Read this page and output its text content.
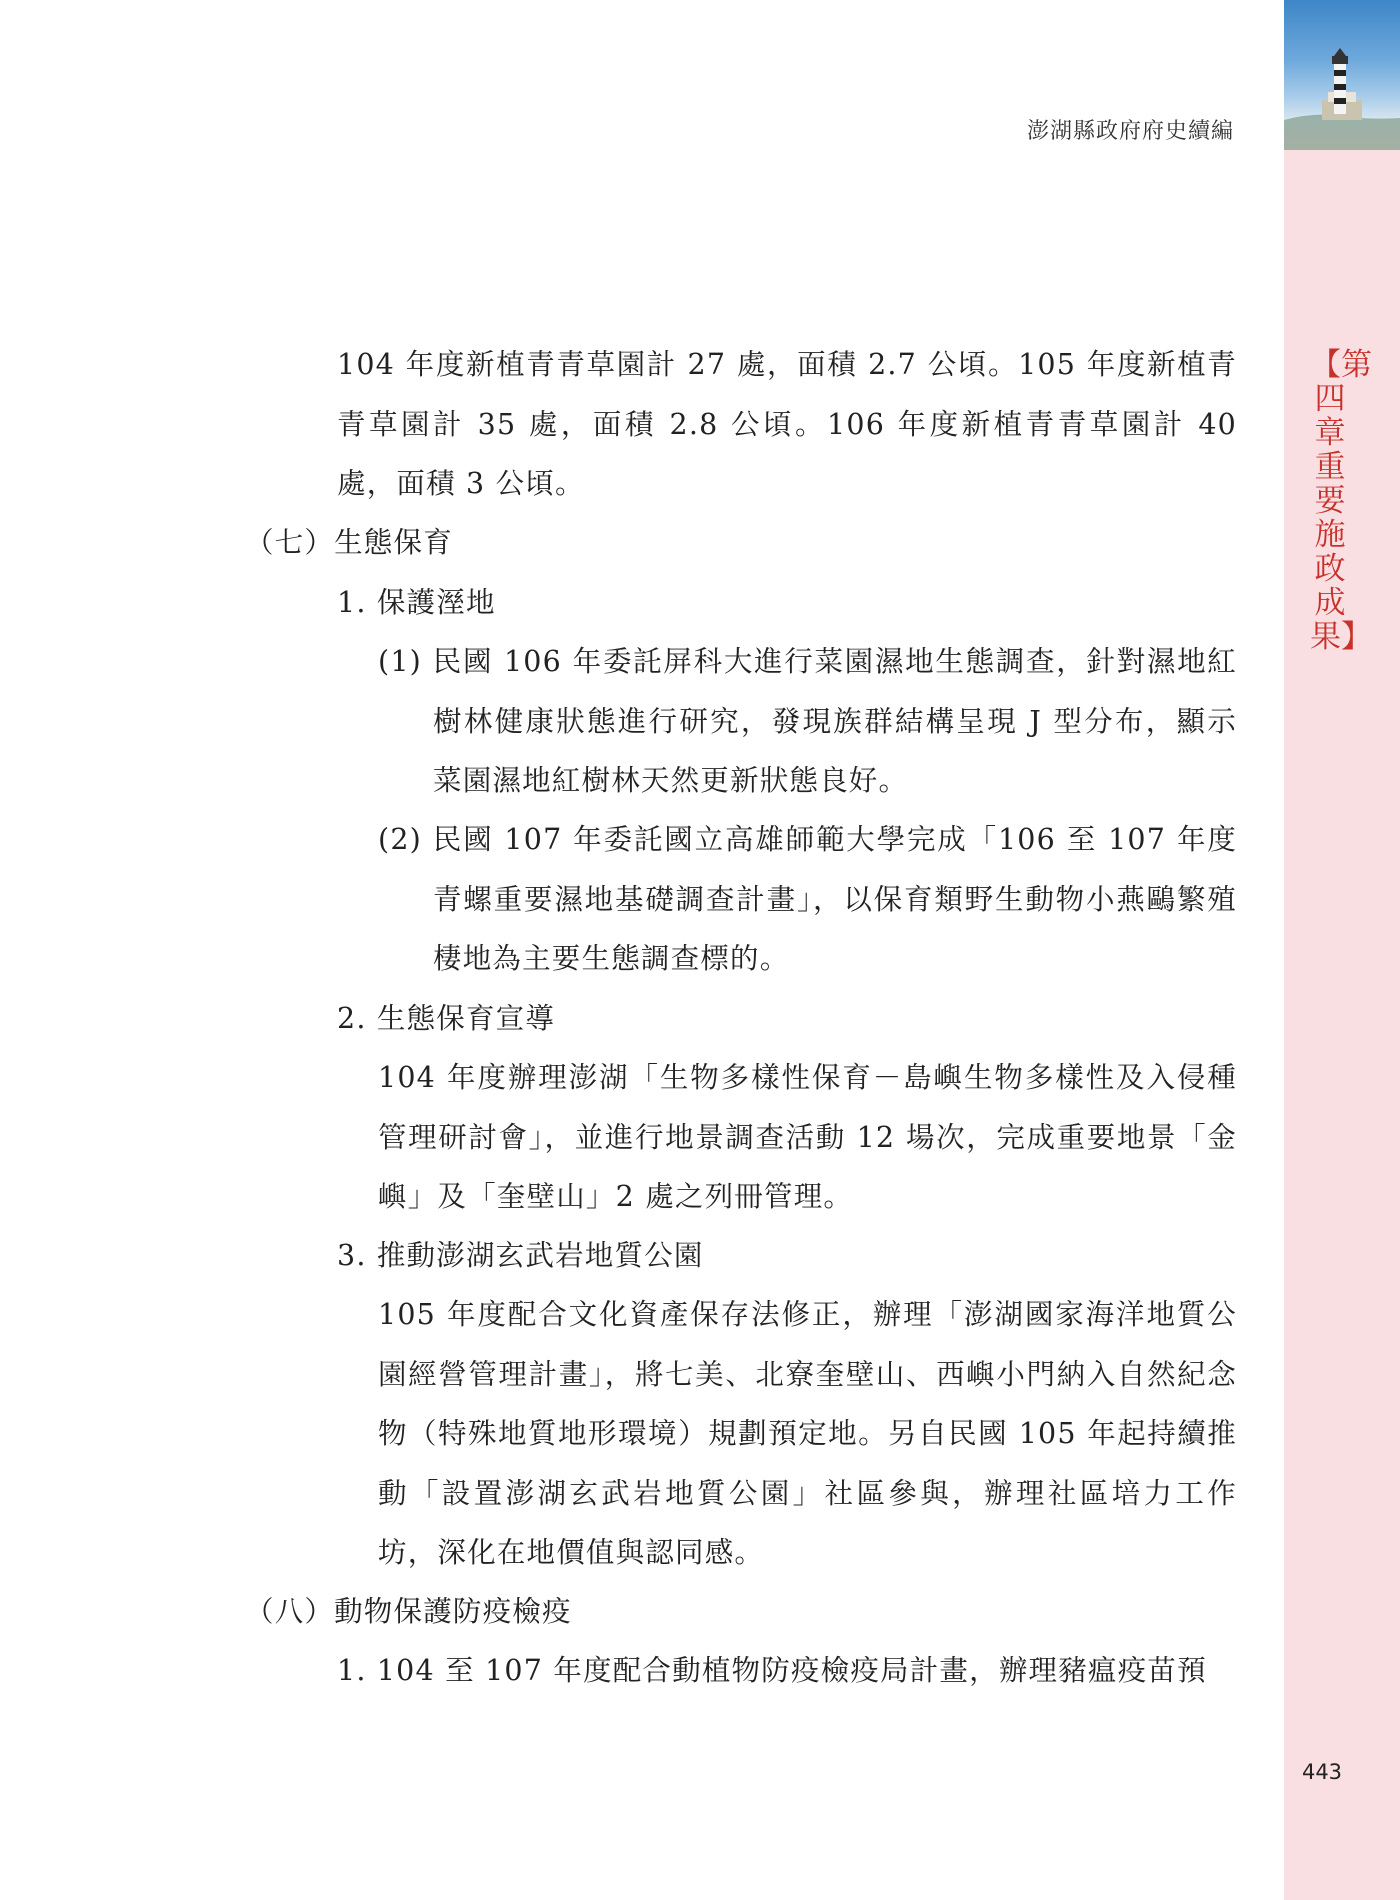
澎湖縣政府府史續編
【第四章 重要施政成果】
443
104 年度新植青青草園計 27 處，面積 2.7 公頃。105 年度新植青青草園計 35 處，面積 2.8 公頃。106 年度新植青青草園計 40 處，面積 3 公頃。
（七）生態保育
1. 保護溼地
(1) 民國 106 年委託屏科大進行菜園濕地生態調查，針對濕地紅樹林健康狀態進行研究，發現族群結構呈現 J 型分布，顯示菜園濕地紅樹林天然更新狀態良好。
(2) 民國 107 年委託國立高雄師範大學完成「106 至 107 年度青螺重要濕地基礎調查計畫」，以保育類野生動物小燕鷗繁殖棲地為主要生態調查標的。
2. 生態保育宣導
104 年度辦理澎湖「生物多樣性保育－島嶼生物多樣性及入侵種管理研討會」，並進行地景調查活動 12 場次，完成重要地景「金嶼」及「奎壁山」2 處之列冊管理。
3. 推動澎湖玄武岩地質公園
105 年度配合文化資產保存法修正，辦理「澎湖國家海洋地質公園經營管理計畫」，將七美、北寮奎壁山、西嶼小門納入自然紀念物（特殊地質地形環境）規劃預定地。另自民國 105 年起持續推動「設置澎湖玄武岩地質公園」社區參與，辦理社區培力工作坊，深化在地價值與認同感。
（八）動物保護防疫檢疫
1. 104 至 107 年度配合動植物防疫檢疫局計畫，辦理豬瘟疫苗預
